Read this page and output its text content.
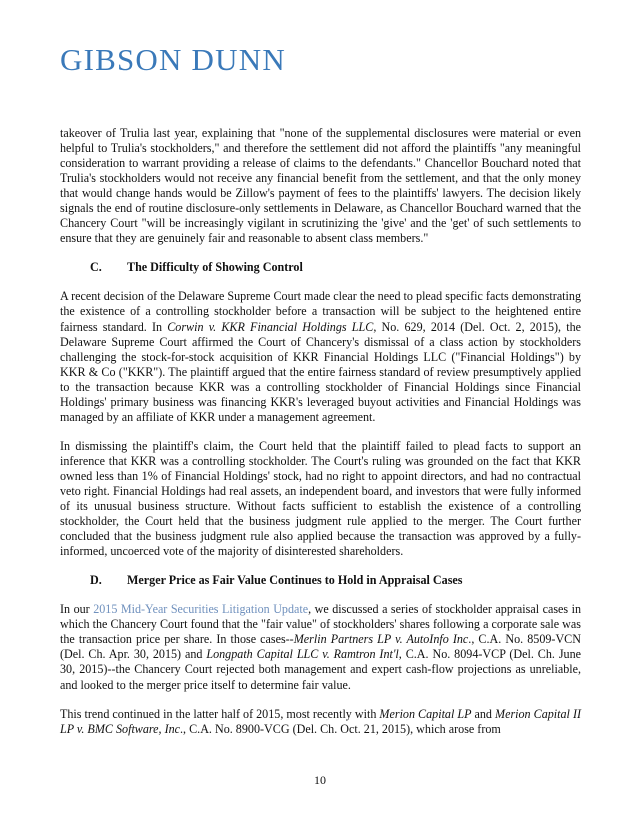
GIBSON DUNN

takeover of Trulia last year, explaining that "none of the supplemental disclosures were material or even helpful to Trulia's stockholders," and therefore the settlement did not afford the plaintiffs "any meaningful consideration to warrant providing a release of claims to the defendants." Chancellor Bouchard noted that Trulia's stockholders would not receive any financial benefit from the settlement, and that the only money that would change hands would be Zillow's payment of fees to the plaintiffs' lawyers. The decision likely signals the end of routine disclosure-only settlements in Delaware, as Chancellor Bouchard warned that the Chancery Court "will be increasingly vigilant in scrutinizing the 'give' and the 'get' of such settlements to ensure that they are genuinely fair and reasonable to absent class members."

C.	The Difficulty of Showing Control

A recent decision of the Delaware Supreme Court made clear the need to plead specific facts demonstrating the existence of a controlling stockholder before a transaction will be subject to the heightened entire fairness standard. In Corwin v. KKR Financial Holdings LLC, No. 629, 2014 (Del. Oct. 2, 2015), the Delaware Supreme Court affirmed the Court of Chancery's dismissal of a class action by stockholders challenging the stock-for-stock acquisition of KKR Financial Holdings LLC ("Financial Holdings") by KKR & Co ("KKR"). The plaintiff argued that the entire fairness standard of review presumptively applied to the transaction because KKR was a controlling stockholder of Financial Holdings since Financial Holdings' primary business was financing KKR's leveraged buyout activities and Financial Holdings was managed by an affiliate of KKR under a management agreement.

In dismissing the plaintiff's claim, the Court held that the plaintiff failed to plead facts to support an inference that KKR was a controlling stockholder. The Court's ruling was grounded on the fact that KKR owned less than 1% of Financial Holdings' stock, had no right to appoint directors, and had no contractual veto right. Financial Holdings had real assets, an independent board, and investors that were fully informed of its unusual business structure. Without facts sufficient to establish the existence of a controlling stockholder, the Court held that the business judgment rule applied to the merger. The Court further concluded that the business judgment rule also applied because the transaction was approved by a fully-informed, uncoerced vote of the majority of disinterested shareholders.

D.	Merger Price as Fair Value Continues to Hold in Appraisal Cases

In our 2015 Mid-Year Securities Litigation Update, we discussed a series of stockholder appraisal cases in which the Chancery Court found that the "fair value" of stockholders' shares following a corporate sale was the transaction price per share. In those cases--Merlin Partners LP v. AutoInfo Inc., C.A. No. 8509-VCN (Del. Ch. Apr. 30, 2015) and Longpath Capital LLC v. Ramtron Int'l, C.A. No. 8094-VCP (Del. Ch. June 30, 2015)--the Chancery Court rejected both management and expert cash-flow projections as unreliable, and looked to the merger price itself to determine fair value.

This trend continued in the latter half of 2015, most recently with Merion Capital LP and Merion Capital II LP v. BMC Software, Inc., C.A. No. 8900-VCG (Del. Ch. Oct. 21, 2015), which arose from

10
